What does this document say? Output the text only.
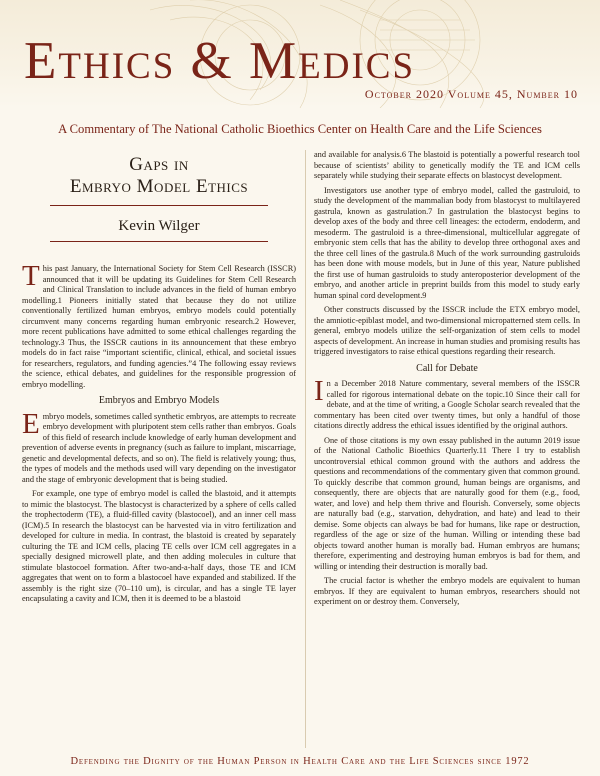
Ethics & Medics
October 2020 Volume 45, Number 10
A Commentary of The National Catholic Bioethics Center on Health Care and the Life Sciences
Gaps in
Embryo Model Ethics
Kevin Wilger

This past January, the International Society for Stem Cell Research (ISSCR) announced that it will be updating its Guidelines for Stem Cell Research and Clinical Translation to include advances in the field of human embryo modelling.1 Pioneers initially stated that because they do not utilize conventionally fertilized human embryos, embryo models could potentially circumvent many concerns regarding human embryonic research.2 However, more recent publications have admitted to some ethical challenges regarding the technology.3 Thus, the ISSCR cautions in its announcement that these embryo models do in fact raise “important scientific, clinical, ethical, and societal issues for researchers, regulators, and funding agencies.”4 The following essay reviews the science, ethical debates, and guidelines for the responsible progression of embryo modelling.

Embryos and Embryo Models

Embryo models, sometimes called synthetic embryos, are attempts to recreate embryo development with pluripotent stem cells rather than embryos. Goals of this field of research include knowledge of early human development and prevention of adverse events in pregnancy (such as failure to implant, miscarriage, genetic and developmental defects, and so on). The field is relatively young; thus, the types of models and the methods used will vary depending on the investigator and the stage of embryonic development that is being studied.

For example, one type of embryo model is called the blastoid, and it attempts to mimic the blastocyst. The blastocyst is characterized by a sphere of cells called the trophectoderm (TE), a fluid-filled cavity (blastocoel), and an inner cell mass (ICM).5 In research the blastocyst can be harvested via in vitro fertilization and developed for culture in media. In contrast, the blastoid is created by separately culturing the TE and ICM cells, placing TE cells over ICM cell aggregates in a specially designed microwell plate, and then adding molecules in culture that stimulate blastocoel formation. After two-and-a-half days, those TE and ICM aggregates that went on to form a blastocoel have expanded and stabilized. If the assembly is the right size (70–110 um), is circular, and has a single TE layer encapsulating a cavity and ICM, then it is deemed to be a blastoid

and available for analysis.6 The blastoid is potentially a powerful research tool because of scientists’ ability to genetically modify the TE and ICM cells separately while studying their separate effects on blastocyst development.

Investigators use another type of embryo model, called the gastruloid, to study the development of the mammalian body from blastocyst to multilayered gastrula, known as gastrulation.7 In gastrulation the blastocyst begins to develop axes of the body and three cell lineages: the ectoderm, endoderm, and mesoderm. The gastruloid is a three-dimensional, multicellular aggregate of embryonic stem cells that has the ability to develop three orthogonal axes and the three cell lines of the gastrula.8 Much of the work surrounding gastruloids has been done with mouse models, but in June of this year, Nature published the first use of human gastruloids to study anteroposterior development of the embryo, and another article in preprint builds from this model to study early human spinal cord development.9

Other constructs discussed by the ISSCR include the ETX embryo model, the amniotic-epiblast model, and two-dimensional micropatterned stem cells. In general, embryo models utilize the self-organization of stem cells to model aspects of development. An increase in human studies and promising results has triggered investigators to raise ethical questions regarding their research.

Call for Debate

In a December 2018 Nature commentary, several members of the ISSCR called for rigorous international debate on the topic.10 Since their call for debate, and at the time of writing, a Google Scholar search revealed that the commentary has been cited over twenty times, but only a handful of those citations directly address the ethical issues identified by the original authors.

One of those citations is my own essay published in the autumn 2019 issue of the National Catholic Bioethics Quarterly.11 There I try to establish uncontroversial ethical common ground with the authors and address the questions and recommendations of the commentary given that common ground. To quickly describe that common ground, human beings are organisms, and consequently, there are objects that are naturally good for them (e.g., food, water, and love) and help them thrive and flourish. Conversely, some objects are naturally bad (e.g., starvation, dehydration, and hate) and lead to their demise. Some objects can always be bad for humans, like rape or destruction, regardless of the age or size of the human. Willing or intending these bad objects toward another human is morally bad. Human embryos are humans; therefore, experimenting and destroying human embryos is bad for them, and willing or intending their destruction is morally bad.

The crucial factor is whether the embryo models are equivalent to human embryos. If they are equivalent to human embryos, researchers should not experiment on or destroy them. Conversely,

Defending the Dignity of the Human Person in Health Care and the Life Sciences since 1972
